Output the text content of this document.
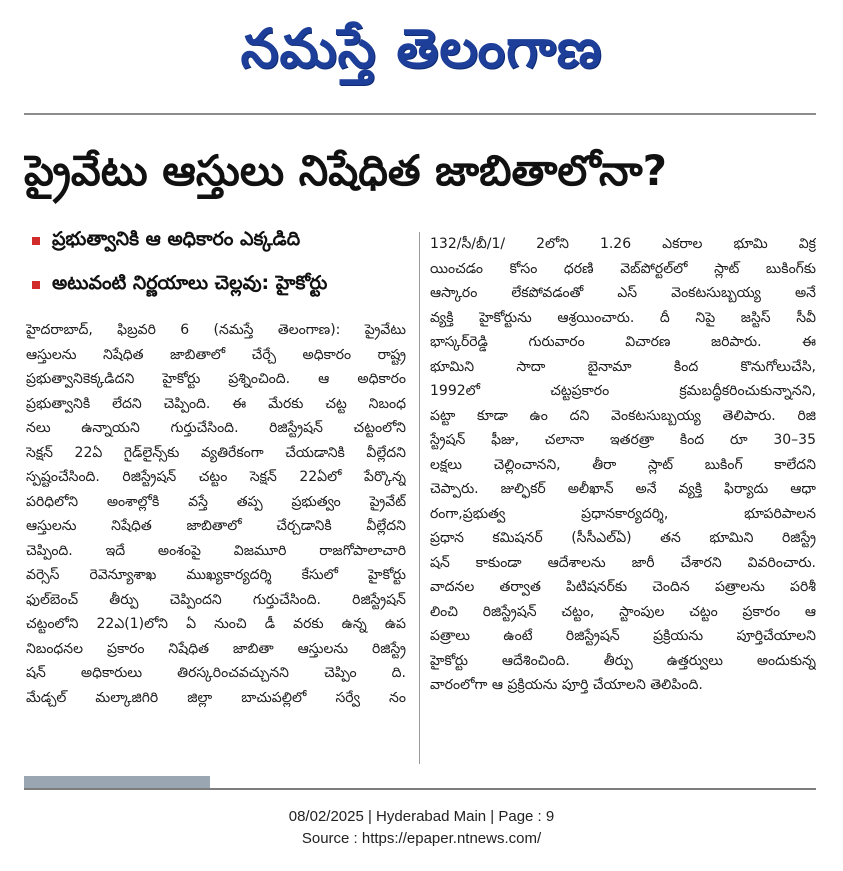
నమస్తే తెలంగాణ
ప్రైవేటు ఆస్తులు నిషేధిత జాబితాలోనా?
ప్రభుత్వానికి ఆ అధికారం ఎక్కడిది
అటువంటి నిర్ణయాలు చెల్లవు: హైకోర్టు
హైదరాబాద్, ఫిబ్రవరి 6 (నమస్తే తెలంగాణ): ప్రైవేటు
ఆస్తులను నిషేధిత జాబితాలో చేర్చే అధికారం రాష్ట్ర
ప్రభుత్వానికెక్కడిదని హైకోర్టు ప్రశ్నించింది. ఆ అధికారం
ప్రభుత్వానికి లేదని చెప్పింది. ఈ మేరకు చట్ట నిబంధ
నలు ఉన్నాయని గుర్తుచేసింది. రిజిస్ట్రేషన్ చట్టంలోని
సెక్షన్ 22ఏ గైడ్‌లైన్స్‌కు వ్యతిరేకంగా చేయడానికి వీల్లేదని
స్పష్టంచేసింది. రిజిస్ట్రేషన్ చట్టం సెక్షన్ 22ఏలో పేర్కొన్న
పరిధిలోని అంశాల్లోకి వస్తే తప్ప ప్రభుత్వం ప్రైవేట్
ఆస్తులను నిషేధిత జాబితాలో చేర్చడానికి వీల్లేదని
చెప్పింది. ఇదే అంశంపై విజమూరి రాజగోపాలాచారి
వర్సెస్ రెవెన్యూశాఖ ముఖ్యకార్యదర్శి కేసులో హైకోర్టు
ఫుల్‌బెంచ్ తీర్పు చెప్పిందని గుర్తుచేసింది. రిజిస్ట్రేషన్
చట్టంలోని 22ఎ(1)లోని ఏ నుంచి డీ వరకు ఉన్న ఉప
నిబంధనల ప్రకారం నిషేధిత జాబితా ఆస్తులను రిజిస్ట్రే
షన్ అధికారులు తిరస్కరించవచ్చునని చెప్పిం ది.
మేడ్చల్ మల్కాజిగిరి జిల్లా బాచుపల్లిలో సర్వే నం
132/సీ/బీ/1/ 2లోని 1.26 ఎకరాల భూమి విక్ర
యించడం కోసం ధరణి వెబ్‌పోర్టల్‌లో స్లాట్ బుకింగ్‌కు
ఆస్కారం లేకపోవడంతో ఎస్ వెంకటసుబ్బయ్య అనే
వ్యక్తి హైకోర్టును ఆశ్రయించారు. దీ నిపై జస్టిస్ సీవీ
భాస్కర్‌రెడ్డి గురువారం విచారణ జరిపారు. ఈ
భూమిని సాదా బైనామా కింద కొనుగోలుచేసి,
1992లో చట్టప్రకారం క్రమబద్ధీకరించుకున్నానని,
పట్టా కూడా ఉం దని వెంకటసుబ్బయ్య తెలిపారు. రిజి
స్ట్రేషన్ ఫీజు, చలానా ఇతరత్రా కింద రూ 30–35
లక్షలు చెల్లించానని, తీరా స్లాట్ బుకింగ్ కాలేదని
చెప్పారు. జుల్ఫికర్ అలీఖాన్ అనే వ్యక్తి ఫిర్యాదు ఆధా
రంగా,ప్రభుత్వ ప్రధానకార్యదర్శి, భూపరిపాలన
ప్రధాన కమిషనర్ (సీసీఎల్ఏ) తన భూమిని రిజిస్ట్రే
షన్ కాకుండా ఆదేశాలను జారీ చేశారని వివరించారు.
వాదనల తర్వాత పిటిషనర్‌కు చెందిన పత్రాలను పరిశీ
లించి రిజిస్ట్రేషన్ చట్టం, స్టాంపుల చట్టం ప్రకారం ఆ
పత్రాలు ఉంటే రిజిస్ట్రేషన్ ప్రక్రియను పూర్తిచేయాలని
హైకోర్టు ఆదేశించింది. తీర్పు ఉత్తర్వులు అందుకున్న
వారంలోగా ఆ ప్రక్రియను పూర్తి చేయాలని తెలిపింది.
08/02/2025 | Hyderabad Main | Page : 9
Source : https://epaper.ntnews.com/
